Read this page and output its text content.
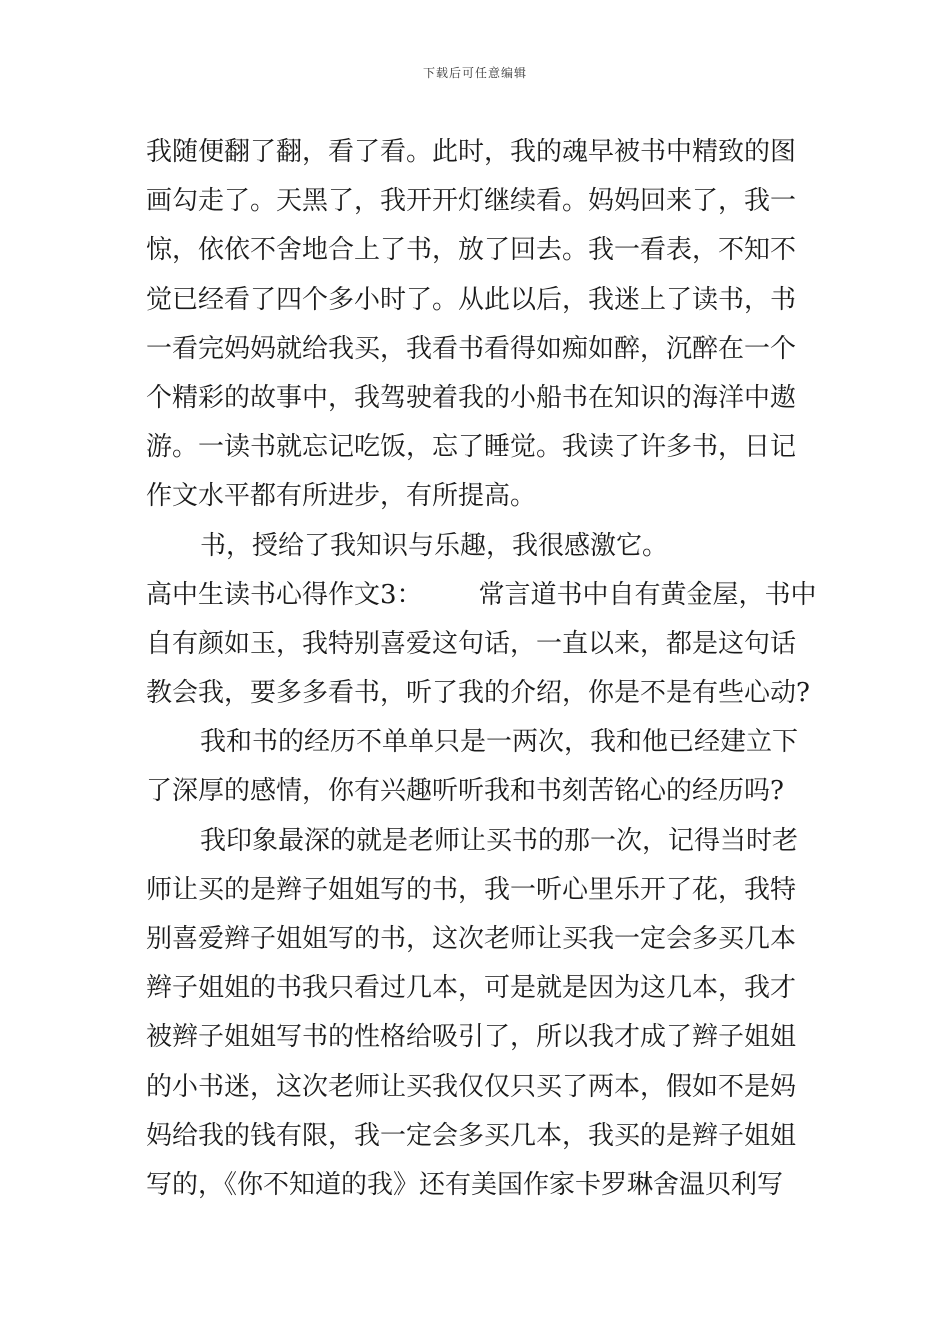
下载后可任意编辑
我随便翻了翻，看了看。此时，我的魂早被书中精致的图
画勾走了。天黑了，我开开灯继续看。妈妈回来了，我一
惊，依依不舍地合上了书，放了回去。我一看表，不知不
觉已经看了四个多小时了。从此以后，我迷上了读书，书
一看完妈妈就给我买，我看书看得如痴如醉，沉醉在一个
个精彩的故事中，我驾驶着我的小船书在知识的海洋中遨
游。一读书就忘记吃饭，忘了睡觉。我读了许多书，日记
作文水平都有所进步，有所提高。
书，授给了我知识与乐趣，我很感激它。
高中生读书心得作文3： 常言道书中自有黄金屋，书中
自有颜如玉，我特别喜爱这句话，一直以来，都是这句话
教会我，要多多看书，听了我的介绍，你是不是有些心动?
我和书的经历不单单只是一两次，我和他已经建立下
了深厚的感情，你有兴趣听听我和书刻苦铭心的经历吗?
我印象最深的就是老师让买书的那一次，记得当时老
师让买的是辫子姐姐写的书，我一听心里乐开了花，我特
别喜爱辫子姐姐写的书，这次老师让买我一定会多买几本
辫子姐姐的书我只看过几本，可是就是因为这几本，我才
被辫子姐姐写书的性格给吸引了，所以我才成了辫子姐姐
的小书迷，这次老师让买我仅仅只买了两本，假如不是妈
妈给我的钱有限，我一定会多买几本，我买的是辫子姐姐
写的，《你不知道的我》还有美国作家卡罗琳舍温贝利写
